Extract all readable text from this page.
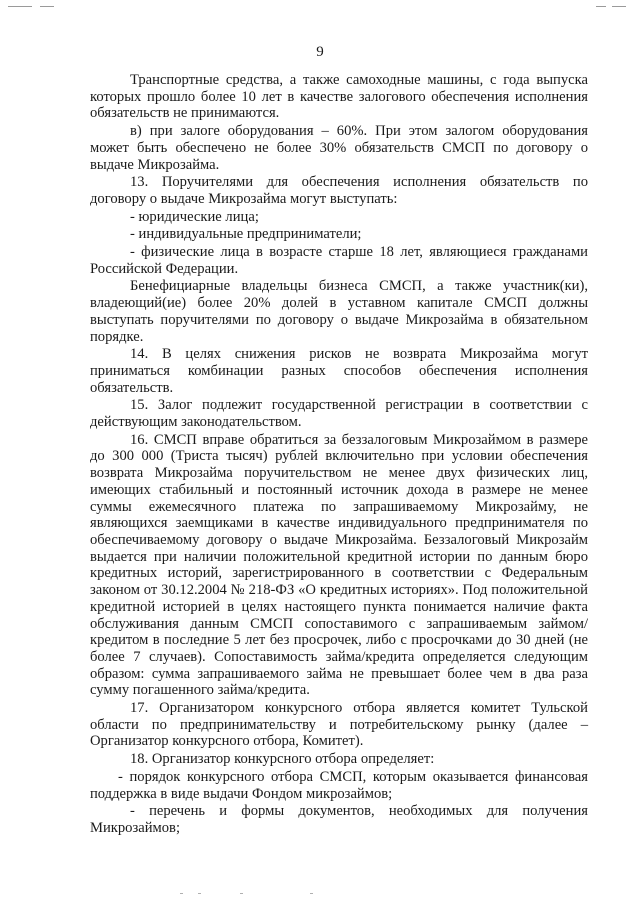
9

Транспортные средства, а также самоходные машины, с года выпуска которых прошло более 10 лет в качестве залогового обеспечения исполнения обязательств не принимаются.

в) при залоге оборудования – 60%. При этом залогом оборудования может быть обеспечено не более 30% обязательств СМСП по договору о выдаче Микрозайма.

13. Поручителями для обеспечения исполнения обязательств по договору о выдаче Микрозайма могут выступать:

- юридические лица;

- индивидуальные предприниматели;

- физические лица в возрасте старше 18 лет, являющиеся гражданами Российской Федерации.

Бенефициарные владельцы бизнеса СМСП, а также участник(ки), владеющий(ие) более 20% долей в уставном капитале СМСП должны выступать поручителями по договору о выдаче Микрозайма в обязательном порядке.

14. В целях снижения рисков не возврата Микрозайма могут приниматься комбинации разных способов обеспечения исполнения обязательств.

15. Залог подлежит государственной регистрации в соответствии с действующим законодательством.

16. СМСП вправе обратиться за беззалоговым Микрозаймом в размере до 300 000 (Триста тысяч) рублей включительно при условии обеспечения возврата Микрозайма поручительством не менее двух физических лиц, имеющих стабильный и постоянный источник дохода в размере не менее суммы ежемесячного платежа по запрашиваемому Микрозайму, не являющихся заемщиками в качестве индивидуального предпринимателя по обеспечиваемому договору о выдаче Микрозайма. Беззалоговый Микрозайм выдается при наличии положительной кредитной истории по данным бюро кредитных историй, зарегистрированного в соответствии с Федеральным законом от 30.12.2004 № 218-ФЗ «О кредитных историях». Под положительной кредитной историей в целях настоящего пункта понимается наличие факта обслуживания данным СМСП сопоставимого с запрашиваемым займом/кредитом в последние 5 лет без просрочек, либо с просрочками до 30 дней (не более 7 случаев). Сопоставимость займа/кредита определяется следующим образом: сумма запрашиваемого займа не превышает более чем в два раза сумму погашенного займа/кредита.

17. Организатором конкурсного отбора является комитет Тульской области по предпринимательству и потребительскому рынку (далее – Организатор конкурсного отбора, Комитет).

18. Организатор конкурсного отбора определяет:

- порядок конкурсного отбора СМСП, которым оказывается финансовая поддержка в виде выдачи Фондом микрозаймов;

- перечень и формы документов, необходимых для получения Микрозаймов;
